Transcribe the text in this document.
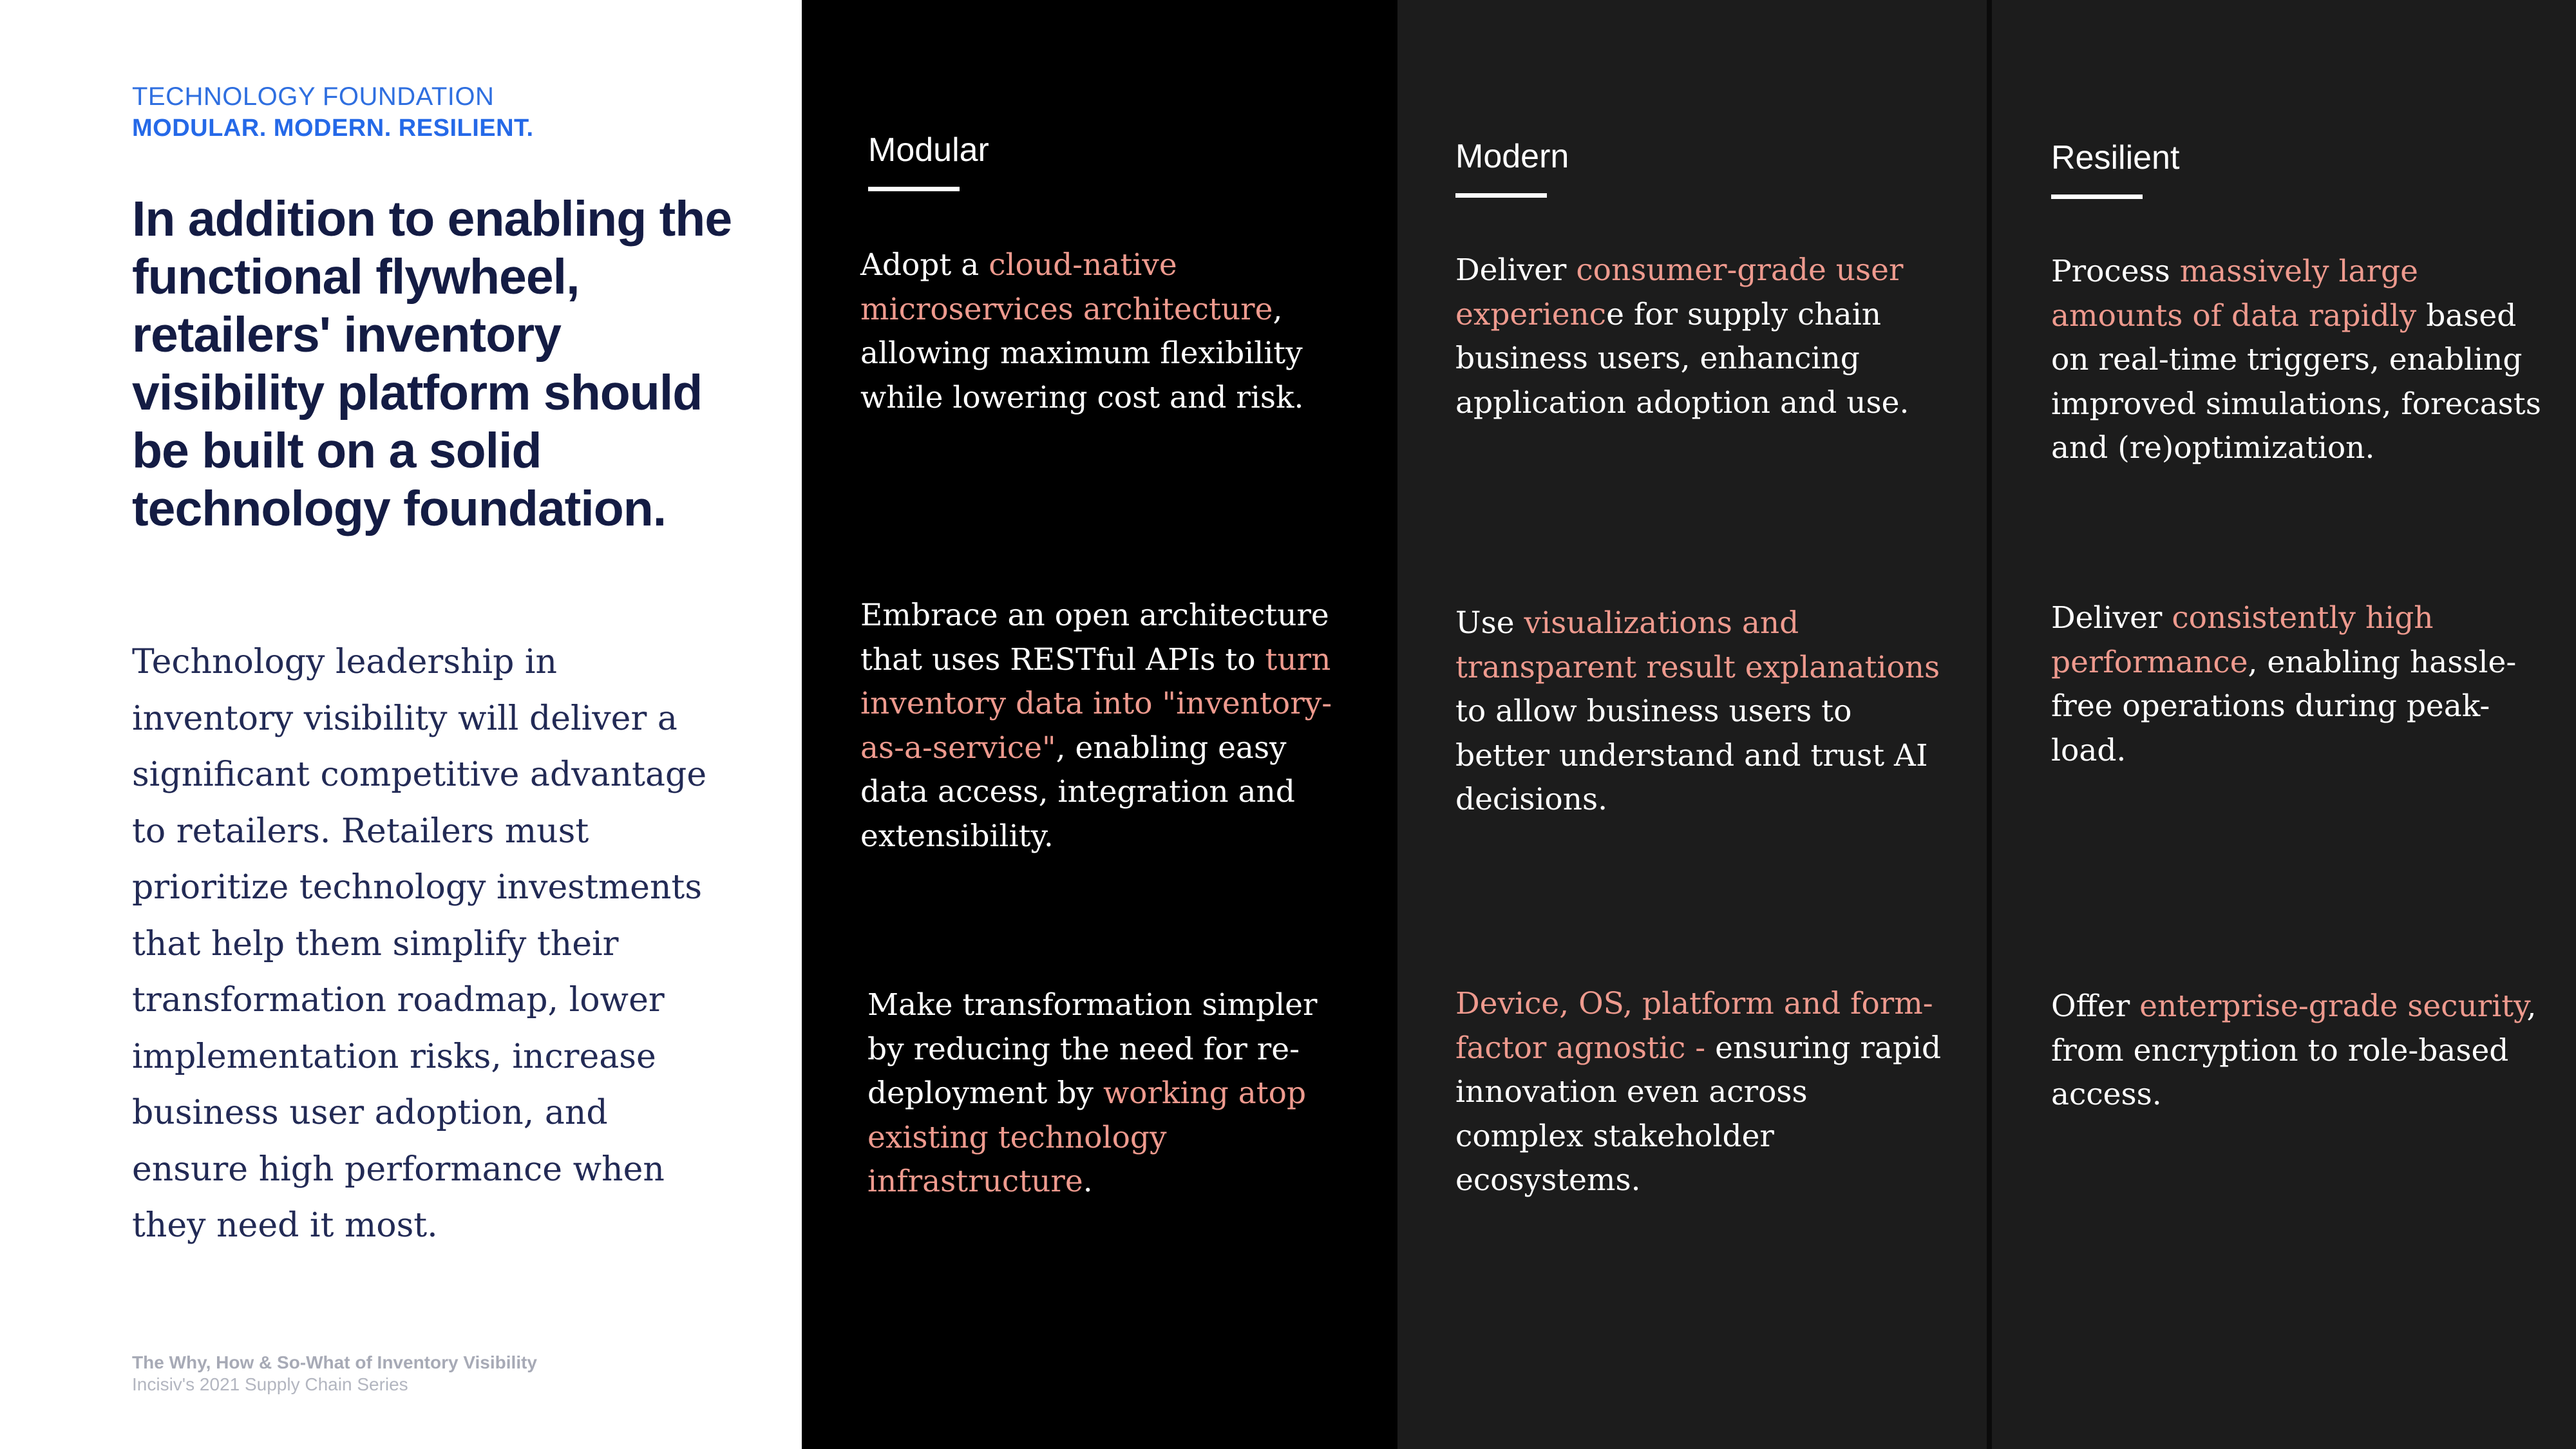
TECHNOLOGY FOUNDATION
MODULAR. MODERN. RESILIENT.
In addition to enabling the functional flywheel, retailers' inventory visibility platform should be built on a solid technology foundation.

Technology leadership in inventory visibility will deliver a significant competitive advantage to retailers. Retailers must prioritize technology investments that help them simplify their transformation roadmap, lower implementation risks, increase business user adoption, and ensure high performance when they need it most.

The Why, How & So-What of Inventory Visibility
Incisiv's 2021 Supply Chain Series
Modular

Adopt a cloud-native microservices architecture, allowing maximum flexibility while lowering cost and risk.

Embrace an open architecture that uses RESTful APIs to turn inventory data into "inventory-as-a-service", enabling easy data access, integration and extensibility.

Make transformation simpler by reducing the need for re-deployment by working atop existing technology infrastructure.

Modern

Deliver consumer-grade user experience for supply chain business users, enhancing application adoption and use.

Use visualizations and transparent result explanations to allow business users to better understand and trust AI decisions.

Device, OS, platform and form-factor agnostic - ensuring rapid innovation even across complex stakeholder ecosystems.

Resilient

Process massively large amounts of data rapidly based on real-time triggers, enabling improved simulations, forecasts and (re)optimization.

Deliver consistently high performance, enabling hassle-free operations during peak-load.

Offer enterprise-grade security, from encryption to role-based access.
